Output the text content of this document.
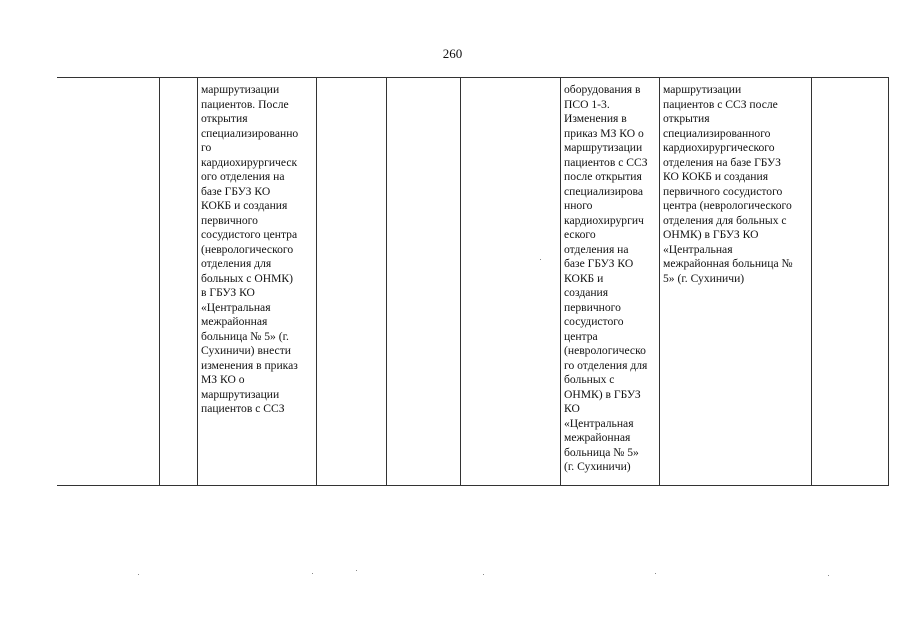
260
маршрутизации
пациентов. После
открытия
специализированно
го
кардиохирургическ
ого отделения на
базе ГБУЗ КО
КОКБ и создания
первичного
сосудистого центра
(неврологического
отделения для
больных с ОНМК)
в ГБУЗ КО
«Центральная
межрайонная
больница № 5» (г.
Сухиничи) внести
изменения в приказ
МЗ КО о
маршрутизации
пациентов с ССЗ
оборудования в
ПСО 1-3.
Изменения в
приказ МЗ КО о
маршрутизации
пациентов с ССЗ
после открытия
специализирова
нного
кардиохирургич
еского
отделения на
базе ГБУЗ КО
КОКБ и
создания
первичного
сосудистого
центра
(неврологическо
го отделения для
больных с
ОНМК) в ГБУЗ
КО
«Центральная
межрайонная
больница № 5»
(г. Сухиничи)
маршрутизации
пациентов с ССЗ после
открытия
специализированного
кардиохирургического
отделения на базе ГБУЗ
КО КОКБ и создания
первичного сосудистого
центра (неврологического
отделения для больных с
ОНМК) в ГБУЗ КО
«Центральная
межрайонная больница №
5» (г. Сухиничи)
